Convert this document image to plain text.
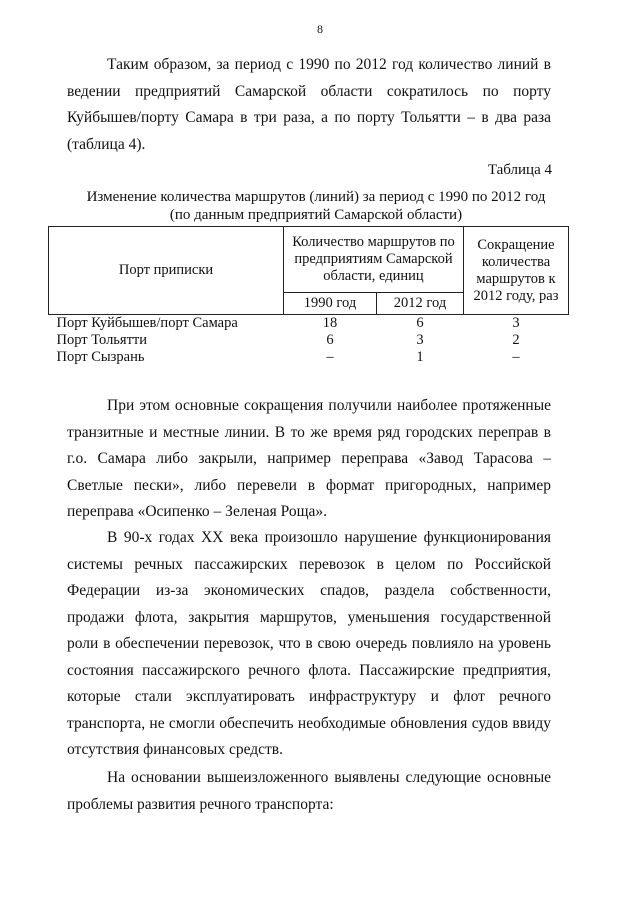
8

Таким образом, за период с 1990 по 2012 год количество линий в ведении предприятий Самарской области сократилось по порту Куйбышев/порту Самара в три раза, а по порту Тольятти – в два раза (таблица 4).

Таблица 4

Изменение количества маршрутов (линий) за период с 1990 по 2012 год
(по данным предприятий Самарской области)

Порт приписки	Количество маршрутов по предприятиям Самарской области, единиц		Сокращение количества маршрутов к 2012 году, раз
	1990 год	2012 год	
Порт Куйбышев/порт Самара	18	6	3
Порт Тольятти	6	3	2
Порт Сызрань	–	1	–

При этом основные сокращения получили наиболее протяженные транзитные и местные линии. В то же время ряд городских переправ в г.о. Самара либо закрыли, например переправа «Завод Тарасова – Светлые пески», либо перевели в формат пригородных, например переправа «Осипенко – Зеленая Роща».

В 90-х годах XX века произошло нарушение функционирования системы речных пассажирских перевозок в целом по Российской Федерации из-за экономических спадов, раздела собственности, продажи флота, закрытия маршрутов, уменьшения государственной роли в обеспечении перевозок, что в свою очередь повлияло на уровень состояния пассажирского речного флота. Пассажирские предприятия, которые стали эксплуатировать инфраструктуру и флот речного транспорта, не смогли обеспечить необходимые обновления судов ввиду отсутствия финансовых средств.

На основании вышеизложенного выявлены следующие основные проблемы развития речного транспорта:
